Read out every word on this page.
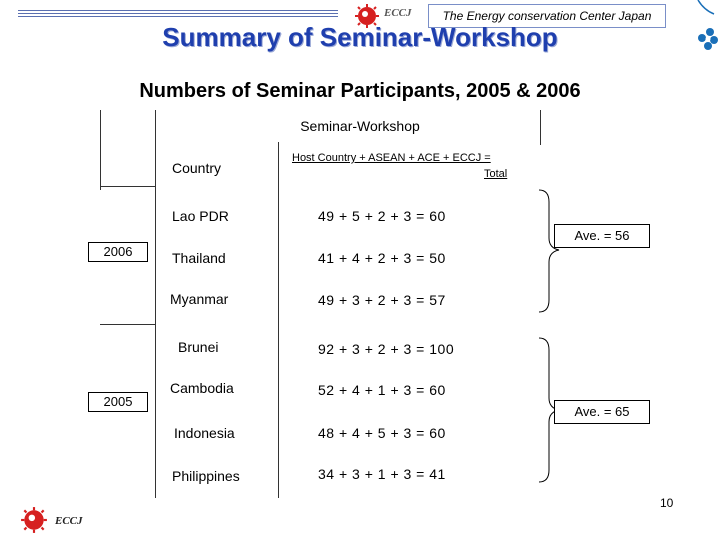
ECCJ	The Energy conservation Center Japan
Summary of Seminar-Workshop
Numbers of Seminar Participants, 2005 & 2006
Seminar-Workshop
Country
Host Country + ASEAN + ACE + ECCJ =
Total
2006
Lao PDR	49 + 5 + 2 + 3 = 60
Thailand	41 + 4 + 2 + 3 = 50
Myanmar	49 + 3 + 2 + 3 = 57
Ave. = 56
2005
Brunei	92 + 3 + 2 + 3 = 100
Cambodia	52 + 4 + 1 + 3 = 60
Indonesia	48 + 4 + 5 + 3 = 60
Philippines	34 + 3 + 1 + 3 = 41
Ave. = 65
10
ECCJ
